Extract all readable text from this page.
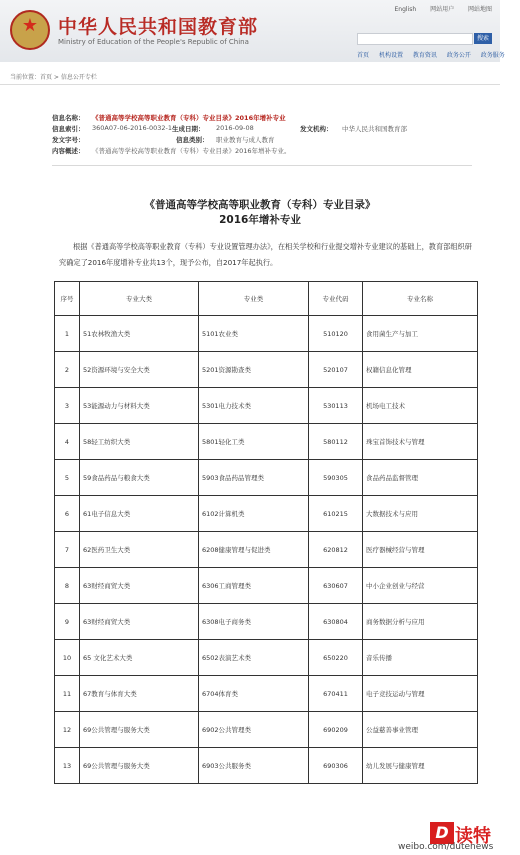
★	中华人民共和国教育部
Ministry of Education of the People's Republic of China
English 网站用户 网站地图
搜索
首页 机构设置 教育资讯 政务公开 政务服务
当前位置：首页 > 信息公开专栏
信息名称： 《普通高等学校高等职业教育（专科）专业目录》2016年增补专业
信息索引： 360A07-06-2016-0032-1 生成日期： 2016-09-08	发文机构： 中华人民共和国教育部
发文字号：	信息类别： 职业教育与成人教育
内容概述： 《普通高等学校高等职业教育（专科）专业目录》2016年增补专业。
《普通高等学校高等职业教育（专科）专业目录》
2016年增补专业
根据《普通高等学校高等职业教育（专科）专业设置管理办法》，在相关学校和行业提交增补专业建议的基础上，教育部组织研究确定了2016年度增补专业共13个，现予公布，自2017年起执行。
序号	专业大类	专业类	专业代码	专业名称
1	51农林牧渔大类	5101农业类	510120	食用菌生产与加工
2	52资源环境与安全大类	5201资源勘查类	520107	权籍信息化管理
3	53能源动力与材料大类	5301电力技术类	530113	机场电工技术
4	58轻工纺织大类	5801轻化工类	580112	珠宝首饰技术与管理
5	59食品药品与粮食大类	5903食品药品管理类	590305	食品药品监督管理
6	61电子信息大类	6102计算机类	610215	大数据技术与应用
7	62医药卫生大类	6208健康管理与促进类	620812	医疗器械经营与管理
8	63财经商贸大类	6306工商管理类	630607	中小企业创业与经营
9	63财经商贸大类	6308电子商务类	630804	商务数据分析与应用
10	65 文化艺术大类	6502表演艺术类	650220	音乐传播
11	67教育与体育大类	6704体育类	670411	电子竞技运动与管理
12	69公共管理与服务大类	6902公共管理类	690209	公益慈善事业管理
13	69公共管理与服务大类	6903公共服务类	690306	幼儿发展与健康管理
D 读特
weibo.com/dutenews
